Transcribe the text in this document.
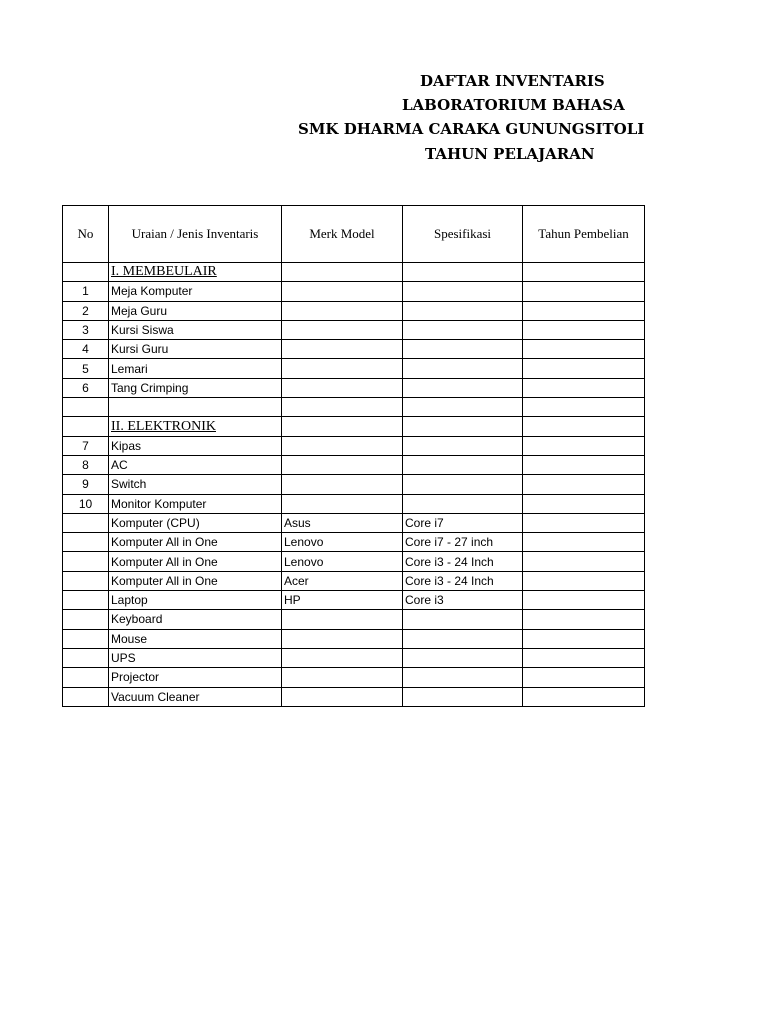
DAFTAR INVENTARIS
LABORATORIUM BAHASA
SMK DHARMA CARAKA GUNUNGSITOLI
TAHUN PELAJARAN
No	Uraian / Jenis Inventaris	Merk Model	Spesifikasi	Tahun Pembelian
	I. MEMBEULAIR			
1	Meja Komputer			
2	Meja Guru			
3	Kursi Siswa			
4	Kursi Guru			
5	Lemari			
6	Tang Crimping			

	II. ELEKTRONIK			
7	Kipas			
8	AC			
9	Switch			
10	Monitor Komputer			
	Komputer (CPU)	Asus	Core i7	
	Komputer All in One	Lenovo	Core i7 - 27 inch	
	Komputer All in One	Lenovo	Core i3 - 24 Inch	
	Komputer All in One	Acer	Core i3 - 24 Inch	
	Laptop	HP	Core i3	
	Keyboard			
	Mouse			
	UPS			
	Projector			
	Vacuum Cleaner			
